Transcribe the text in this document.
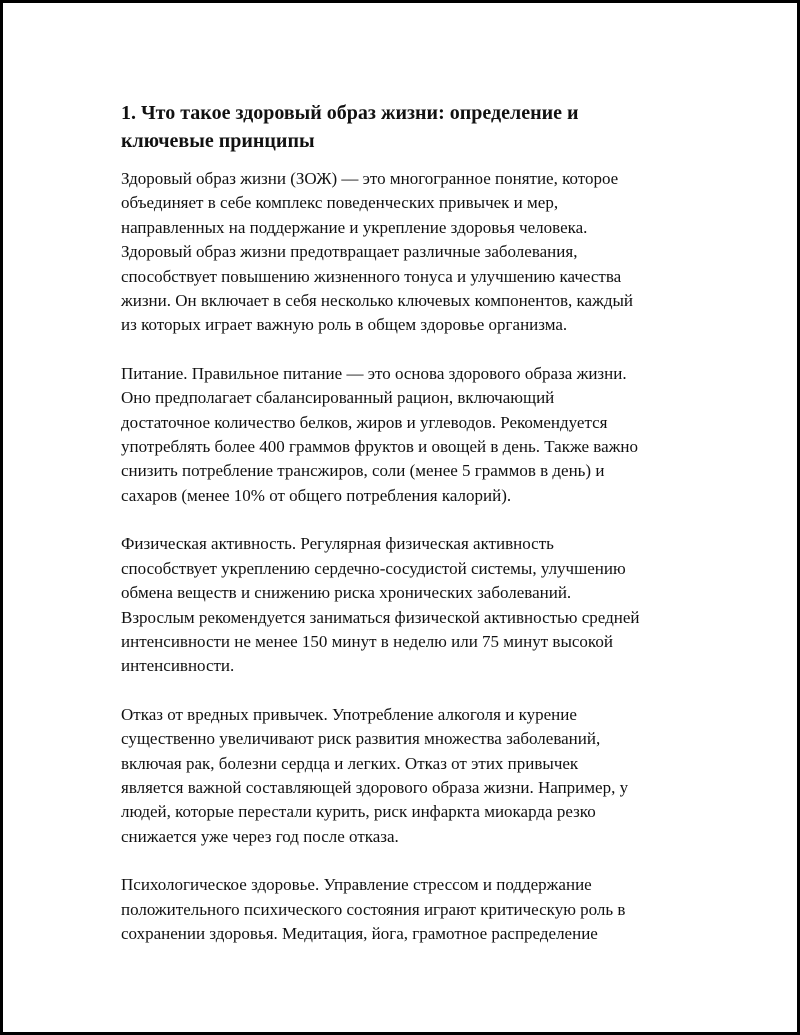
1. Что такое здоровый образ жизни: определение и
ключевые принципы

Здоровый образ жизни (ЗОЖ) — это многогранное понятие, которое
объединяет в себе комплекс поведенческих привычек и мер,
направленных на поддержание и укрепление здоровья человека.
Здоровый образ жизни предотвращает различные заболевания,
способствует повышению жизненного тонуса и улучшению качества
жизни. Он включает в себя несколько ключевых компонентов, каждый
из которых играет важную роль в общем здоровье организма.

Питание. Правильное питание — это основа здорового образа жизни.
Оно предполагает сбалансированный рацион, включающий
достаточное количество белков, жиров и углеводов. Рекомендуется
употреблять более 400 граммов фруктов и овощей в день. Также важно
снизить потребление трансжиров, соли (менее 5 граммов в день) и
сахаров (менее 10% от общего потребления калорий).

Физическая активность. Регулярная физическая активность
способствует укреплению сердечно-сосудистой системы, улучшению
обмена веществ и снижению риска хронических заболеваний.
Взрослым рекомендуется заниматься физической активностью средней
интенсивности не менее 150 минут в неделю или 75 минут высокой
интенсивности.

Отказ от вредных привычек. Употребление алкоголя и курение
существенно увеличивают риск развития множества заболеваний,
включая рак, болезни сердца и легких. Отказ от этих привычек
является важной составляющей здорового образа жизни. Например, у
людей, которые перестали курить, риск инфаркта миокарда резко
снижается уже через год после отказа.

Психологическое здоровье. Управление стрессом и поддержание
положительного психического состояния играют критическую роль в
сохранении здоровья. Медитация, йога, грамотное распределение
